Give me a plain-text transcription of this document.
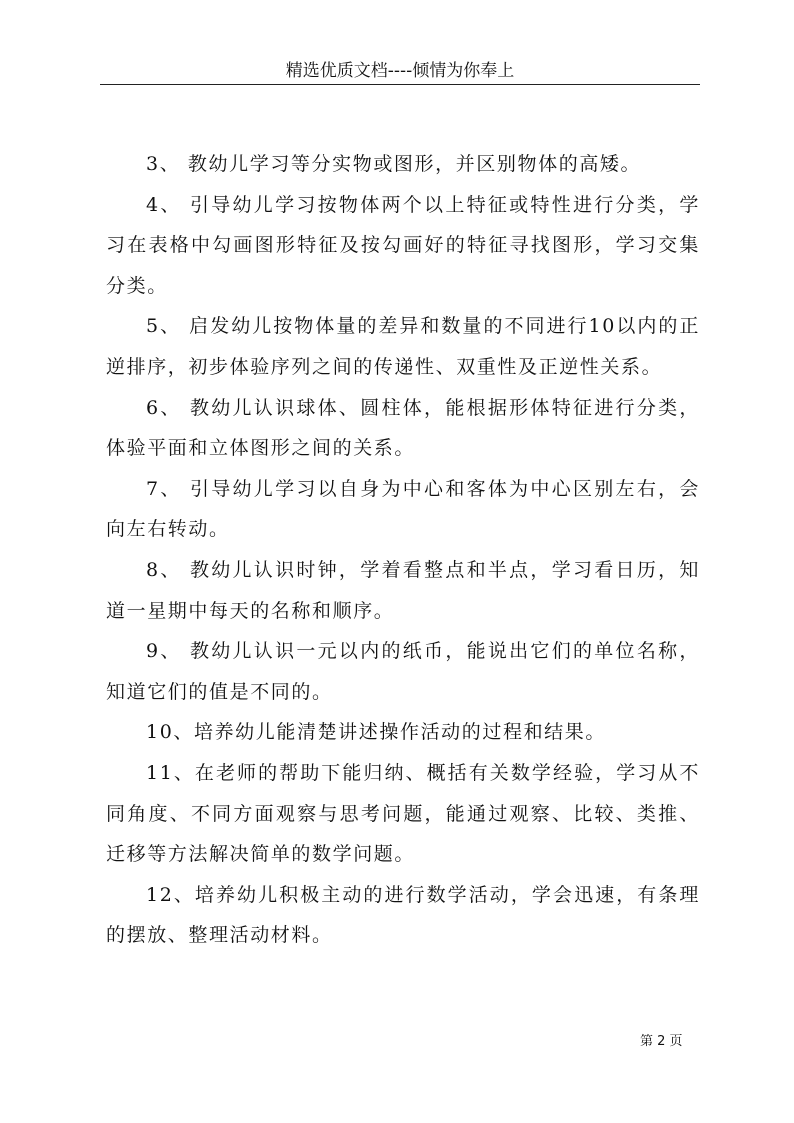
精选优质文档----倾情为你奉上

3、 教幼儿学习等分实物或图形，并区别物体的高矮。

4、 引导幼儿学习按物体两个以上特征或特性进行分类，学习在表格中勾画图形特征及按勾画好的特征寻找图形，学习交集分类。

5、 启发幼儿按物体量的差异和数量的不同进行10以内的正逆排序，初步体验序列之间的传递性、双重性及正逆性关系。

6、 教幼儿认识球体、圆柱体，能根据形体特征进行分类，体验平面和立体图形之间的关系。

7、 引导幼儿学习以自身为中心和客体为中心区别左右，会向左右转动。

8、 教幼儿认识时钟，学着看整点和半点，学习看日历，知道一星期中每天的名称和顺序。

9、 教幼儿认识一元以内的纸币，能说出它们的单位名称，知道它们的值是不同的。

10、培养幼儿能清楚讲述操作活动的过程和结果。

11、在老师的帮助下能归纳、概括有关数学经验，学习从不同角度、不同方面观察与思考问题，能通过观察、比较、类推、迁移等方法解决简单的数学问题。

12、培养幼儿积极主动的进行数学活动，学会迅速，有条理的摆放、整理活动材料。

第 2 页
